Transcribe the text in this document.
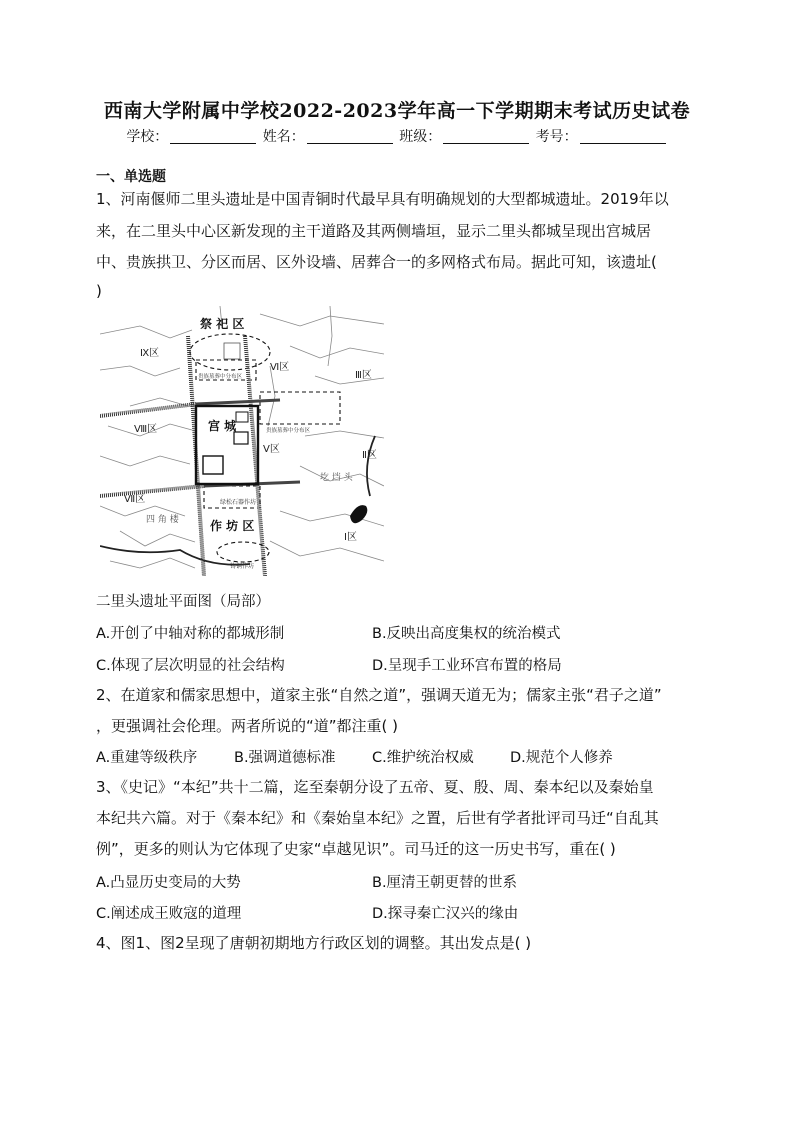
西南大学附属中学校2022-2023学年高一下学期期末考试历史试卷
学校：	姓名：	班级：	考号：
一、单选题
1、河南偃师二里头遗址是中国青铜时代最早具有明确规划的大型都城遗址。2019年以
来，在二里头中心区新发现的主干道路及其两侧墙垣，显示二里头都城呈现出宫城居
中、贵族拱卫、分区而居、区外设墙、居葬合一的多网格式布局。据此可知，该遗址(
)
祭 祀 区
宫 城
作 坊 区
Ⅸ区
Ⅵ区
Ⅲ区
Ⅷ区
Ⅴ区
Ⅱ区
Ⅶ区
Ⅰ区
圪 垱 头
四 角 楼
贵族墓葬中分布区
贵族墓葬中分布区
绿松石器作坊
铸铜作坊
二里头遗址平面图（局部）
A.开创了中轴对称的都城形制	B.反映出高度集权的统治模式
C.体现了层次明显的社会结构	D.呈现手工业环宫布置的格局
2、在道家和儒家思想中，道家主张“自然之道”，强调天道无为；儒家主张“君子之道”
，更强调社会伦理。两者所说的“道”都注重( )
A.重建等级秩序	B.强调道德标准	C.维护统治权威	D.规范个人修养
3、《史记》“本纪”共十二篇，迄至秦朝分设了五帝、夏、殷、周、秦本纪以及秦始皇
本纪共六篇。对于《秦本纪》和《秦始皇本纪》之置，后世有学者批评司马迁“自乱其
例”，更多的则认为它体现了史家“卓越见识”。司马迁的这一历史书写，重在( )
A.凸显历史变局的大势	B.厘清王朝更替的世系
C.阐述成王败寇的道理	D.探寻秦亡汉兴的缘由
4、图1、图2呈现了唐朝初期地方行政区划的调整。其出发点是( )
